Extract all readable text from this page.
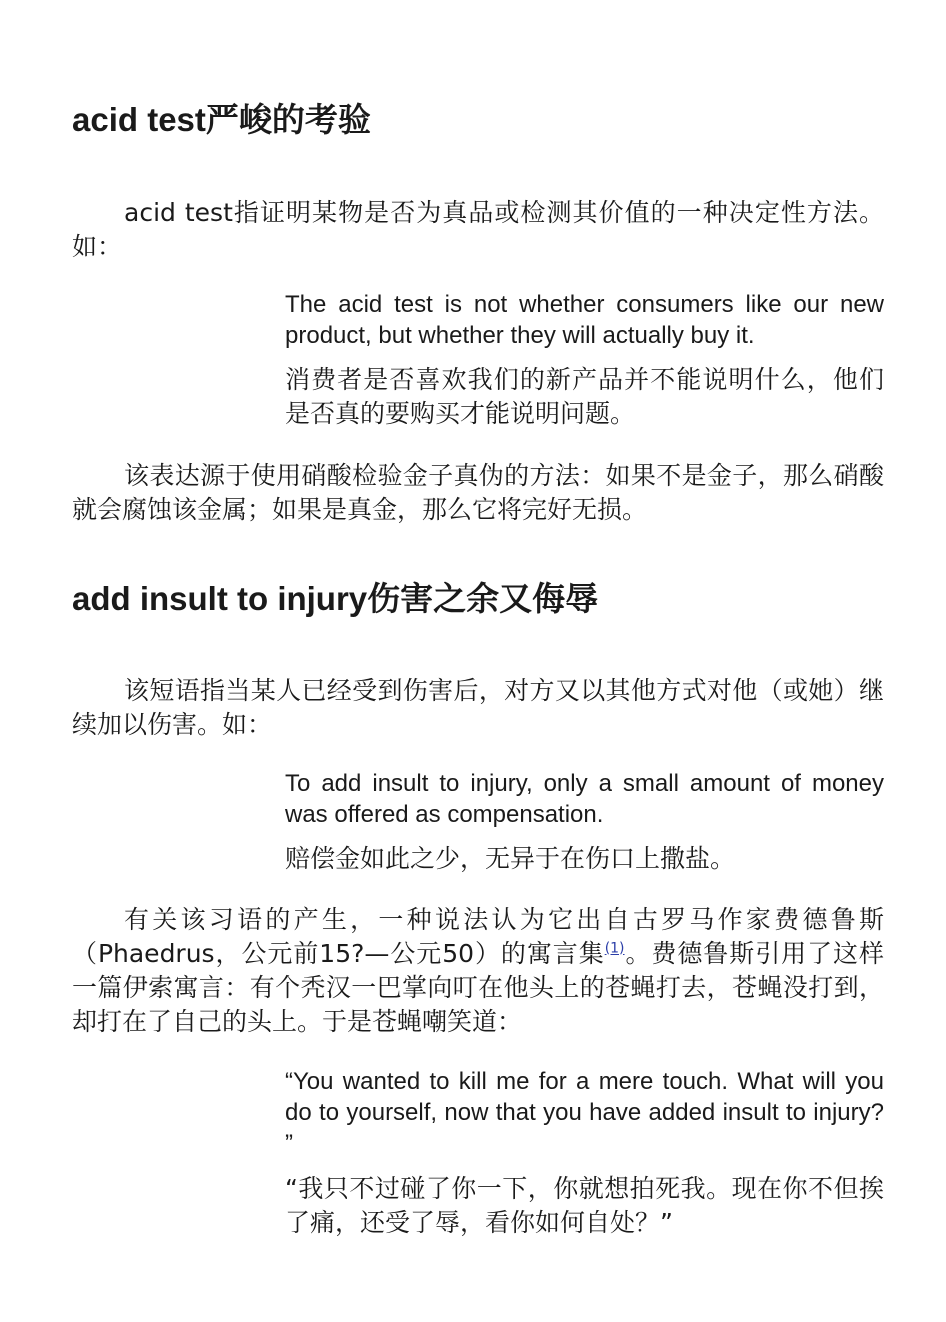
acid test严峻的考验

acid test指证明某物是否为真品或检测其价值的一种决定性方法。如：

The acid test is not whether consumers like our new product, but whether they will actually buy it.

消费者是否喜欢我们的新产品并不能说明什么，他们是否真的要购买才能说明问题。

该表达源于使用硝酸检验金子真伪的方法：如果不是金子，那么硝酸就会腐蚀该金属；如果是真金，那么它将完好无损。

add insult to injury伤害之余又侮辱

该短语指当某人已经受到伤害后，对方又以其他方式对他（或她）继续加以伤害。如：

To add insult to injury, only a small amount of money was offered as compensation.

赔偿金如此之少，无异于在伤口上撒盐。

有关该习语的产生，一种说法认为它出自古罗马作家费德鲁斯（Phaedrus，公元前15?—公元50）的寓言集$^{(1)}$。费德鲁斯引用了这样一篇伊索寓言：有个秃汉一巴掌向叮在他头上的苍蝇打去，苍蝇没打到，却打在了自己的头上。于是苍蝇嘲笑道：

“You wanted to kill me for a mere touch. What will you do to yourself, now that you have added insult to injury? ”

“我只不过碰了你一下，你就想拍死我。现在你不但挨了痛，还受了辱，看你如何自处？”
